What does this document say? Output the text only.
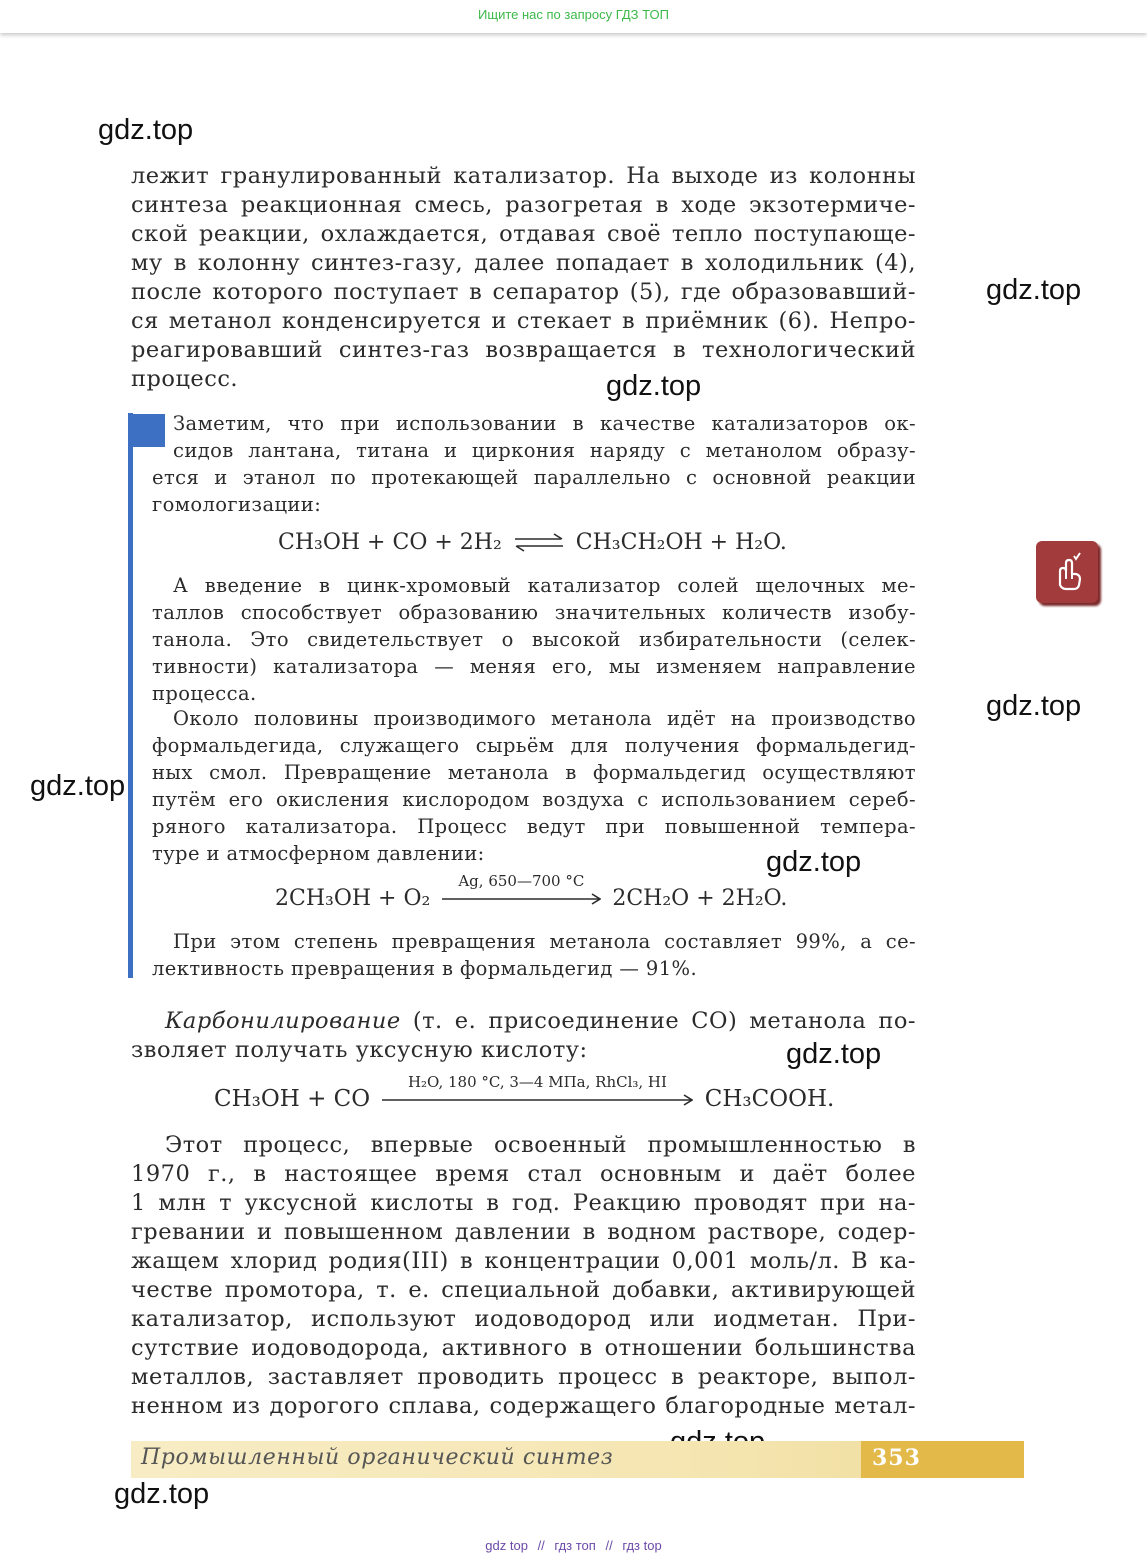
Ищите нас по запросу ГДЗ ТОП
gdz.top
gdz.top
gdz.top
gdz.top
gdz.top
gdz.top
gdz.top
gdz.top
лежит гранулированный катализатор. На выходе из колонны
синтеза реакционная смесь, разогретая в ходе экзотермиче-
ской реакции, охлаждается, отдавая своё тепло поступающе-
му в колонну синтез-газу, далее попадает в холодильник (4),
после которого поступает в сепаратор (5), где образовавший-
ся метанол конденсируется и стекает в приёмник (6). Непро-
реагировавший синтез-газ возвращается в технологический
процесс.
Заметим, что при использовании в качестве катализаторов ок-
сидов лантана, титана и циркония наряду с метанолом образу-
ется и этанол по протекающей параллельно с основной реакции
гомологизации:
CH₃OH + CO + 2H₂ ⇌ CH₃CH₂OH + H₂O.
А введение в цинк-хромовый катализатор солей щелочных ме-
таллов способствует образованию значительных количеств изобу-
танола. Это свидетельствует о высокой избирательности (селек-
тивности) катализатора — меняя его, мы изменяем направление
процесса.
Около половины производимого метанола идёт на производство
формальдегида, служащего сырьём для получения формальдегид-
ных смол. Превращение метанола в формальдегид осуществляют
путём его окисления кислородом воздуха с использованием сереб-
ряного катализатора. Процесс ведут при повышенной темпера-
туре и атмосферном давлении:
2CH₃OH + O₂
Ag, 650—700 °C
2CH₂O + 2H₂O.
При этом степень превращения метанола составляет 99%, а се-
лективность превращения в формальдегид — 91%.
Карбонилирование (т. е. присоединение CO) метанола по-
зволяет получать уксусную кислоту:
CH₃OH + CO
H₂O, 180 °C, 3—4 МПа, RhCl₃, HI
CH₃COOH.
Этот процесс, впервые освоенный промышленностью в
1970 г., в настоящее время стал основным и даёт более
1 млн т уксусной кислоты в год. Реакцию проводят при на-
гревании и повышенном давлении в водном растворе, содер-
жащем хлорид родия(III) в концентрации 0,001 моль/л. В ка-
честве промотора, т. е. специальной добавки, активирующей
катализатор, используют иодоводород или иодметан. При-
сутствие иодоводорода, активного в отношении большинства
металлов, заставляет проводить процесс в реакторе, выпол-
ненном из дорогого сплава, содержащего благородные метал-
Промышленный органический синтез	353
gdz top // гдз топ // гдз top
